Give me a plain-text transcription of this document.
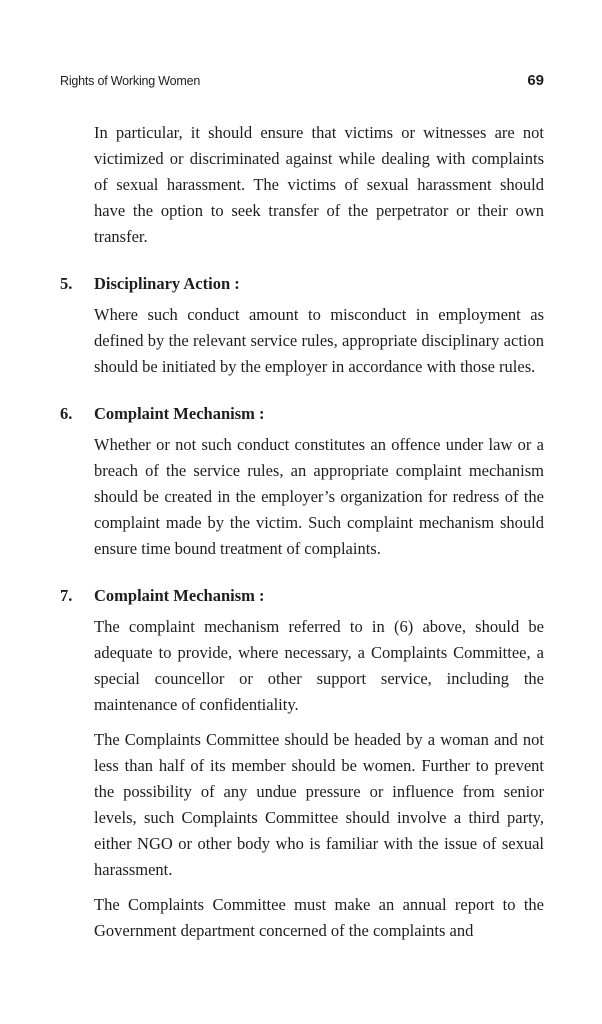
Rights of Working Women	69

In particular, it should ensure that victims or witnesses are not victimized or discriminated against while dealing with complaints of sexual harassment. The victims of sexual harassment should have the option to seek transfer of the perpetrator or their own transfer.

5.	Disciplinary Action :

Where such conduct amount to misconduct in employment as defined by the relevant service rules, appropriate disciplinary action should be initiated by the employer in accordance with those rules.

6.	Complaint Mechanism :

Whether or not such conduct constitutes an offence under law or a breach of the service rules, an appropriate complaint mechanism should be created in the employer’s organization for redress of the complaint made by the victim. Such complaint mechanism should ensure time bound treatment of complaints.

7.	Complaint Mechanism :

The complaint mechanism referred to in (6) above, should be adequate to provide, where necessary, a Complaints Committee, a special councellor or other support service, including the maintenance of confidentiality.

The Complaints Committee should be headed by a woman and not less than half of its member should be women. Further to prevent the possibility of any undue pressure or influence from senior levels, such Complaints Committee should involve a third party, either NGO or other body who is familiar with the issue of sexual harassment.

The Complaints Committee must make an annual report to the Government department concerned of the complaints and
